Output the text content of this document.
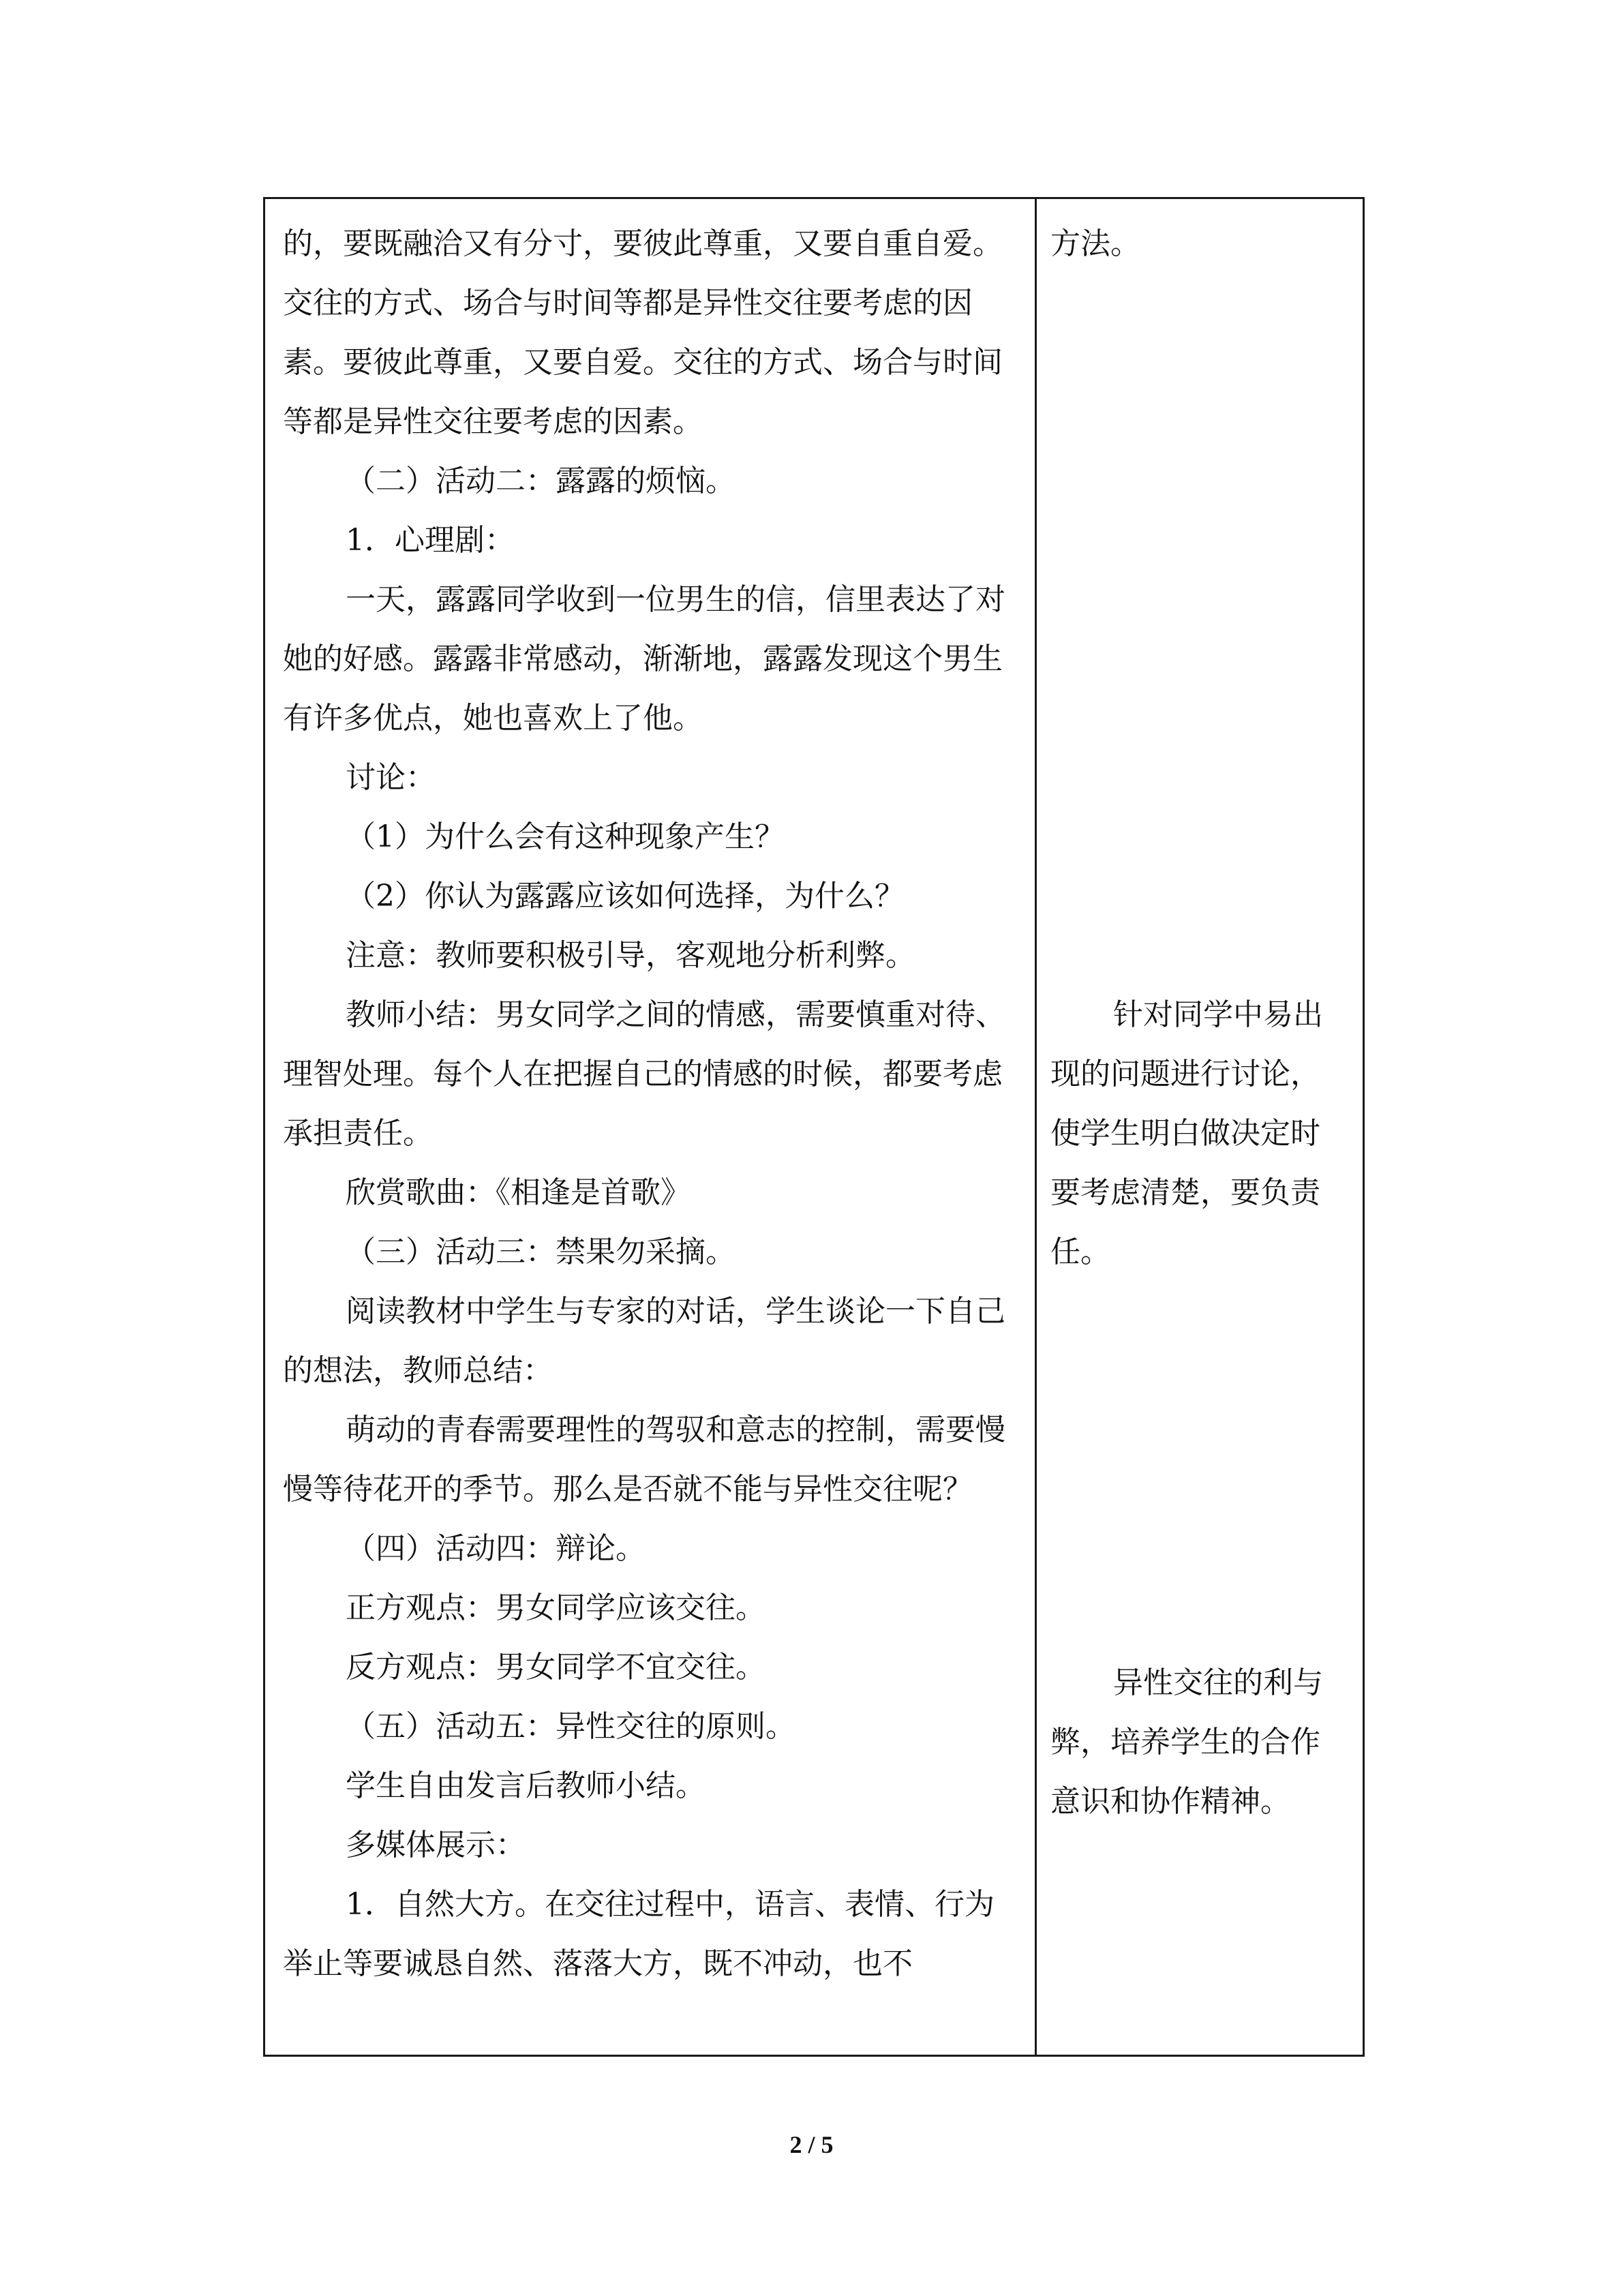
的，要既融洽又有分寸，要彼此尊重，又要自重自爱。交往的方式、场合与时间等都是异性交往要考虑的因素。要彼此尊重，又要自爱。交往的方式、场合与时间等都是异性交往要考虑的因素。

（二）活动二：露露的烦恼。

1．心理剧：

一天，露露同学收到一位男生的信，信里表达了对她的好感。露露非常感动，渐渐地，露露发现这个男生有许多优点，她也喜欢上了他。

讨论：

（1）为什么会有这种现象产生？

（2）你认为露露应该如何选择，为什么？

注意：教师要积极引导，客观地分析利弊。

教师小结：男女同学之间的情感，需要慎重对待、理智处理。每个人在把握自己的情感的时候，都要考虑承担责任。

欣赏歌曲：《相逢是首歌》

（三）活动三：禁果勿采摘。

阅读教材中学生与专家的对话，学生谈论一下自己的想法，教师总结：

萌动的青春需要理性的驾驭和意志的控制，需要慢慢等待花开的季节。那么是否就不能与异性交往呢？

（四）活动四：辩论。

正方观点：男女同学应该交往。

反方观点：男女同学不宜交往。

（五）活动五：异性交往的原则。

学生自由发言后教师小结。

多媒体展示：

1．自然大方。在交往过程中，语言、表情、行为举止等要诚恳自然、落落大方，既不冲动，也不

方法。

针对同学中易出现的问题进行讨论，使学生明白做决定时要考虑清楚，要负责任。

异性交往的利与弊，培养学生的合作意识和协作精神。

2 / 5
